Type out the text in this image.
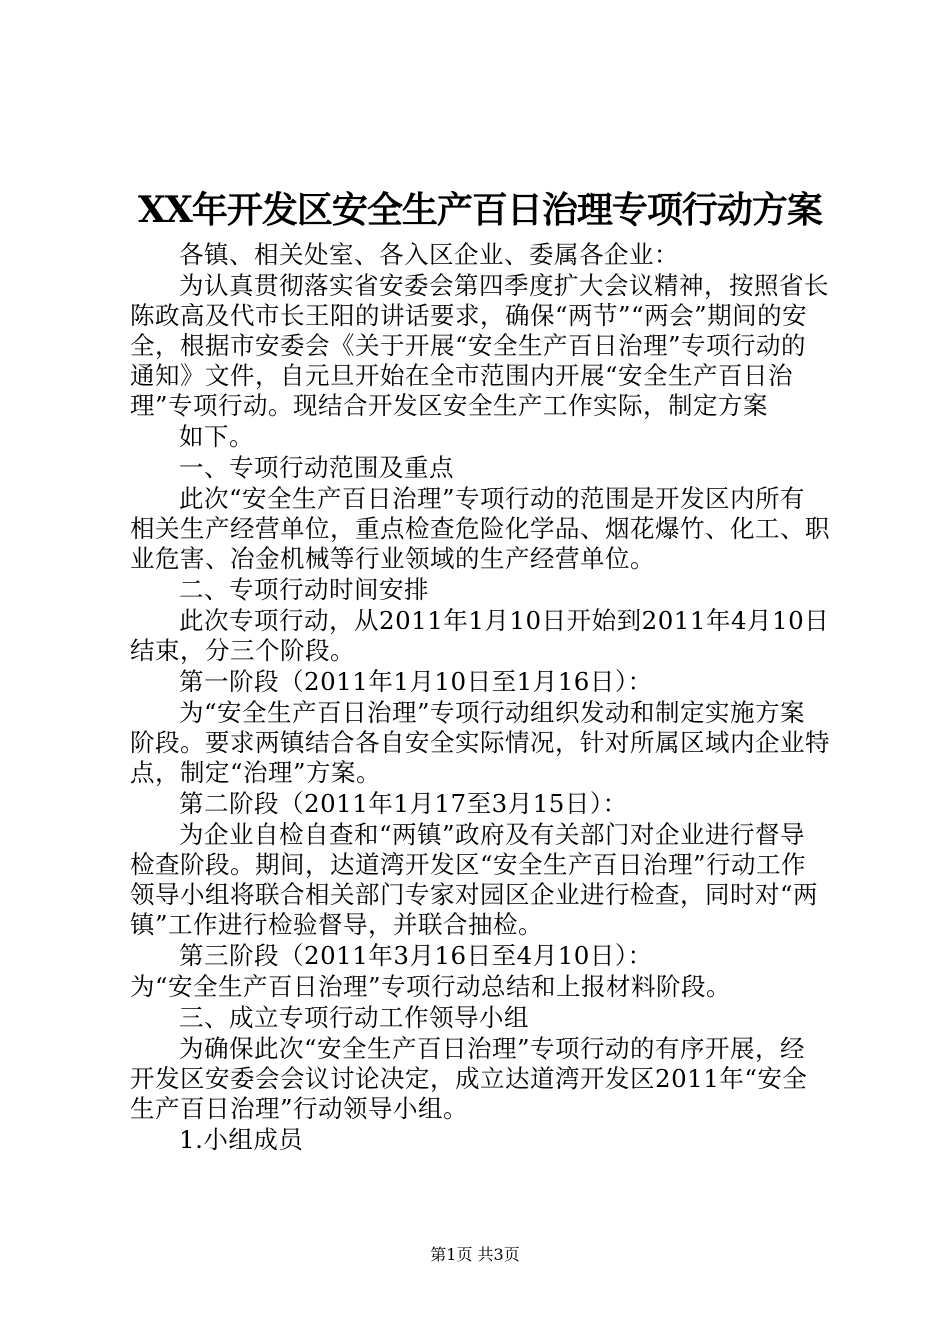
XX年开发区安全生产百日治理专项行动方案
各镇、相关处室、各入区企业、委属各企业：
为认真贯彻落实省安委会第四季度扩大会议精神，按照省长陈政高及代市长王阳的讲话要求，确保“两节”“两会”期间的安全，根据市安委会《关于开展“安全生产百日治理”专项行动的通知》文件，自元旦开始在全市范围内开展“安全生产百日治理”专项行动。现结合开发区安全生产工作实际，制定方案
如下。
一、专项行动范围及重点
此次“安全生产百日治理”专项行动的范围是开发区内所有相关生产经营单位，重点检查危险化学品、烟花爆竹、化工、职业危害、冶金机械等行业领域的生产经营单位。
二、专项行动时间安排
此次专项行动，从2011年1月10日开始到2011年4月10日结束，分三个阶段。
第一阶段（2011年1月10日至1月16日）：
为“安全生产百日治理”专项行动组织发动和制定实施方案阶段。要求两镇结合各自安全实际情况，针对所属区域内企业特点，制定“治理”方案。
第二阶段（2011年1月17至3月15日）：
为企业自检自查和“两镇”政府及有关部门对企业进行督导检查阶段。期间，达道湾开发区“安全生产百日治理”行动工作领导小组将联合相关部门专家对园区企业进行检查，同时对“两镇”工作进行检验督导，并联合抽检。
第三阶段（2011年3月16日至4月10日）：
为“安全生产百日治理”专项行动总结和上报材料阶段。
三、成立专项行动工作领导小组
为确保此次“安全生产百日治理”专项行动的有序开展，经开发区安委会会议讨论决定，成立达道湾开发区2011年“安全生产百日治理”行动领导小组。
1.小组成员
第1页 共3页
